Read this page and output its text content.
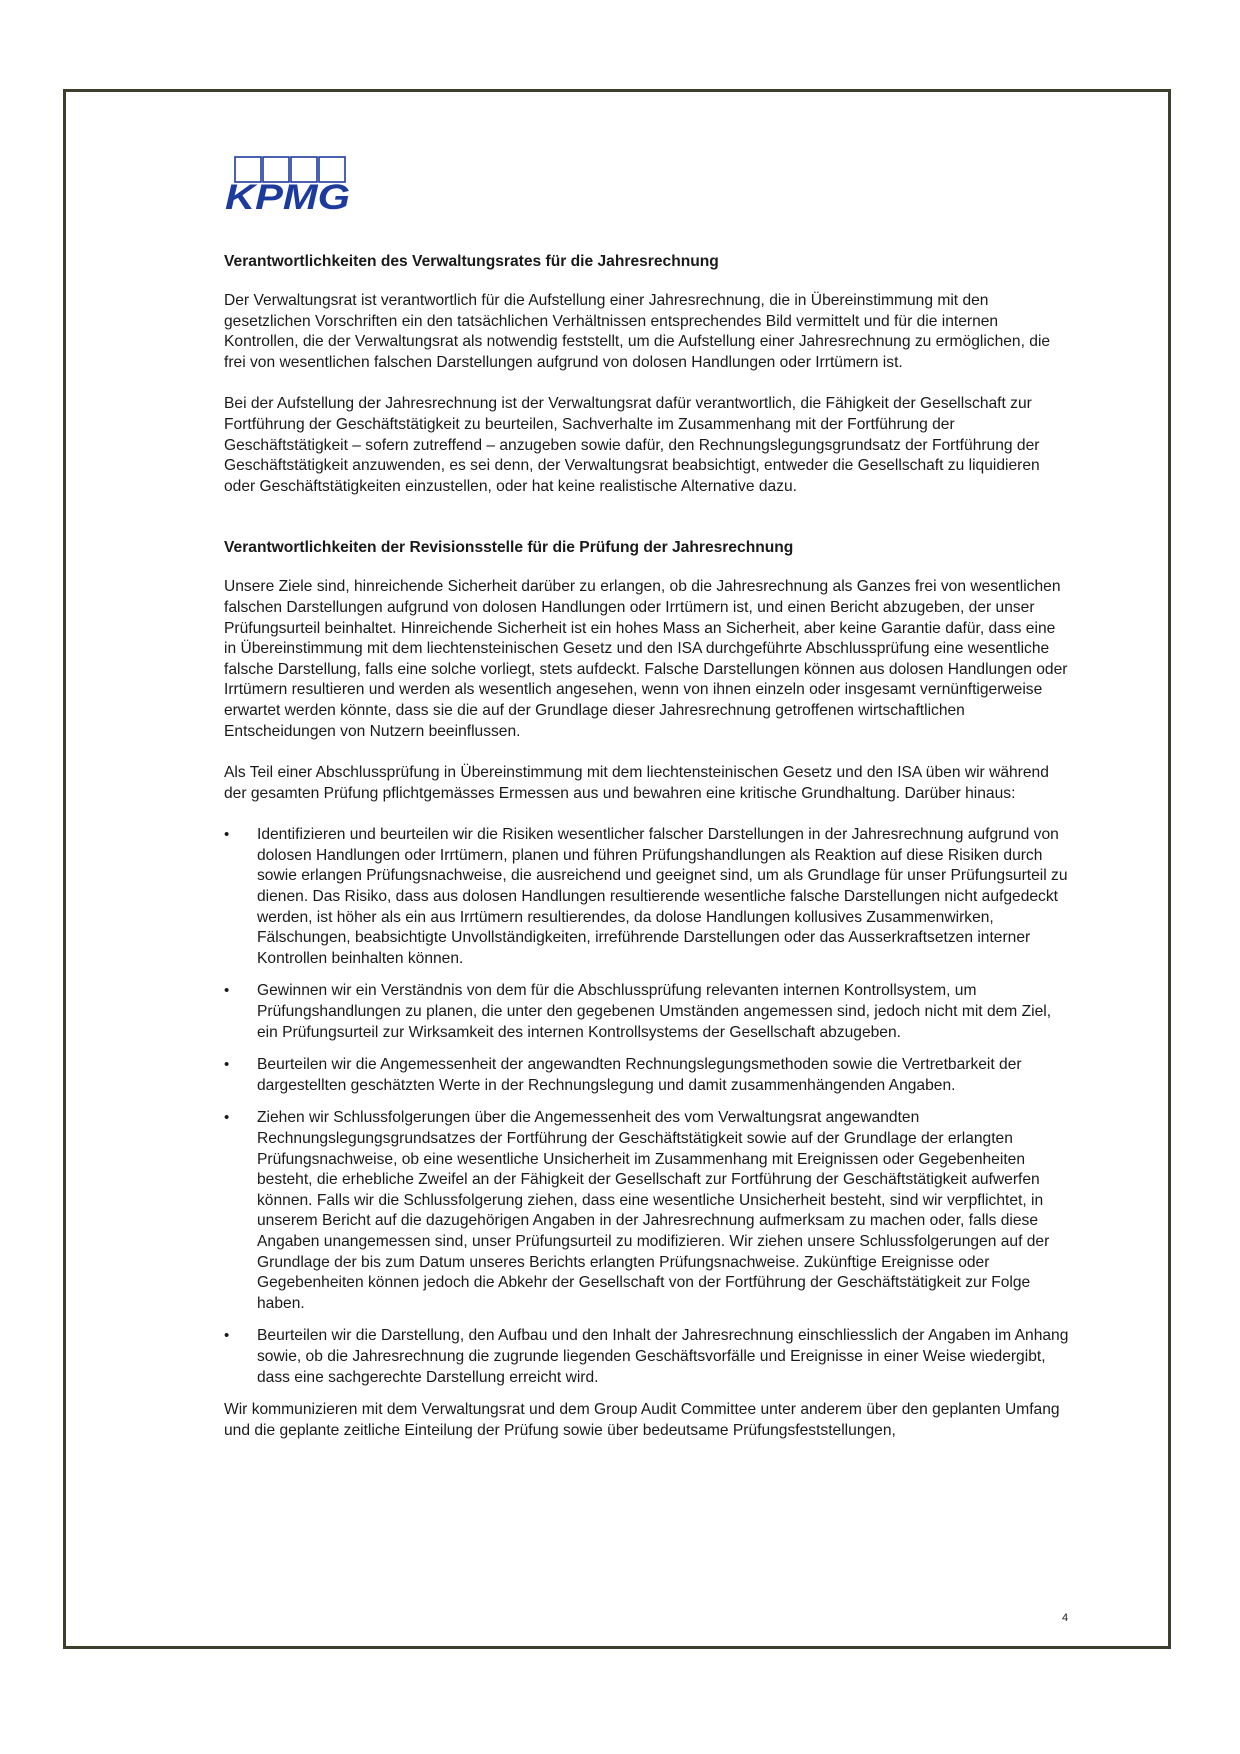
KPMG
Verantwortlichkeiten des Verwaltungsrates für die Jahresrechnung

Der Verwaltungsrat ist verantwortlich für die Aufstellung einer Jahresrechnung, die in Übereinstimmung mit den gesetzlichen Vorschriften ein den tatsächlichen Verhältnissen entsprechendes Bild vermittelt und für die internen Kontrollen, die der Verwaltungsrat als notwendig feststellt, um die Aufstellung einer Jahresrechnung zu ermöglichen, die frei von wesentlichen falschen Darstellungen aufgrund von dolosen Handlungen oder Irrtümern ist.

Bei der Aufstellung der Jahresrechnung ist der Verwaltungsrat dafür verantwortlich, die Fähigkeit der Gesellschaft zur Fortführung der Geschäftstätigkeit zu beurteilen, Sachverhalte im Zusammenhang mit der Fortführung der Geschäftstätigkeit – sofern zutreffend – anzugeben sowie dafür, den Rechnungslegungsgrundsatz der Fortführung der Geschäftstätigkeit anzuwenden, es sei denn, der Verwaltungsrat beabsichtigt, entweder die Gesellschaft zu liquidieren oder Geschäftstätigkeiten einzustellen, oder hat keine realistische Alternative dazu.

Verantwortlichkeiten der Revisionsstelle für die Prüfung der Jahresrechnung

Unsere Ziele sind, hinreichende Sicherheit darüber zu erlangen, ob die Jahresrechnung als Ganzes frei von wesentlichen falschen Darstellungen aufgrund von dolosen Handlungen oder Irrtümern ist, und einen Bericht abzugeben, der unser Prüfungsurteil beinhaltet. Hinreichende Sicherheit ist ein hohes Mass an Sicherheit, aber keine Garantie dafür, dass eine in Übereinstimmung mit dem liechtensteinischen Gesetz und den ISA durchgeführte Abschlussprüfung eine wesentliche falsche Darstellung, falls eine solche vorliegt, stets aufdeckt. Falsche Darstellungen können aus dolosen Handlungen oder Irrtümern resultieren und werden als wesentlich angesehen, wenn von ihnen einzeln oder insgesamt vernünftigerweise erwartet werden könnte, dass sie die auf der Grundlage dieser Jahresrechnung getroffenen wirtschaftlichen Entscheidungen von Nutzern beeinflussen.

Als Teil einer Abschlussprüfung in Übereinstimmung mit dem liechtensteinischen Gesetz und den ISA üben wir während der gesamten Prüfung pflichtgemässes Ermessen aus und bewahren eine kritische Grundhaltung. Darüber hinaus:

• Identifizieren und beurteilen wir die Risiken wesentlicher falscher Darstellungen in der Jahresrechnung aufgrund von dolosen Handlungen oder Irrtümern, planen und führen Prüfungshandlungen als Reaktion auf diese Risiken durch sowie erlangen Prüfungsnachweise, die ausreichend und geeignet sind, um als Grundlage für unser Prüfungsurteil zu dienen. Das Risiko, dass aus dolosen Handlungen resultierende wesentliche falsche Darstellungen nicht aufgedeckt werden, ist höher als ein aus Irrtümern resultierendes, da dolose Handlungen kollusives Zusammenwirken, Fälschungen, beabsichtigte Unvollständigkeiten, irreführende Darstellungen oder das Ausserkraftsetzen interner Kontrollen beinhalten können.
• Gewinnen wir ein Verständnis von dem für die Abschlussprüfung relevanten internen Kontrollsystem, um Prüfungshandlungen zu planen, die unter den gegebenen Umständen angemessen sind, jedoch nicht mit dem Ziel, ein Prüfungsurteil zur Wirksamkeit des internen Kontrollsystems der Gesellschaft abzugeben.
• Beurteilen wir die Angemessenheit der angewandten Rechnungslegungsmethoden sowie die Vertretbarkeit der dargestellten geschätzten Werte in der Rechnungslegung und damit zusammenhängenden Angaben.
• Ziehen wir Schlussfolgerungen über die Angemessenheit des vom Verwaltungsrat angewandten Rechnungslegungsgrundsatzes der Fortführung der Geschäftstätigkeit sowie auf der Grundlage der erlangten Prüfungsnachweise, ob eine wesentliche Unsicherheit im Zusammenhang mit Ereignissen oder Gegebenheiten besteht, die erhebliche Zweifel an der Fähigkeit der Gesellschaft zur Fortführung der Geschäftstätigkeit aufwerfen können. Falls wir die Schlussfolgerung ziehen, dass eine wesentliche Unsicherheit besteht, sind wir verpflichtet, in unserem Bericht auf die dazugehörigen Angaben in der Jahresrechnung aufmerksam zu machen oder, falls diese Angaben unangemessen sind, unser Prüfungsurteil zu modifizieren. Wir ziehen unsere Schlussfolgerungen auf der Grundlage der bis zum Datum unseres Berichts erlangten Prüfungsnachweise. Zukünftige Ereignisse oder Gegebenheiten können jedoch die Abkehr der Gesellschaft von der Fortführung der Geschäftstätigkeit zur Folge haben.
• Beurteilen wir die Darstellung, den Aufbau und den Inhalt der Jahresrechnung einschliesslich der Angaben im Anhang sowie, ob die Jahresrechnung die zugrunde liegenden Geschäftsvorfälle und Ereignisse in einer Weise wiedergibt, dass eine sachgerechte Darstellung erreicht wird.

Wir kommunizieren mit dem Verwaltungsrat und dem Group Audit Committee unter anderem über den geplanten Umfang und die geplante zeitliche Einteilung der Prüfung sowie über bedeutsame Prüfungsfeststellungen,

4
